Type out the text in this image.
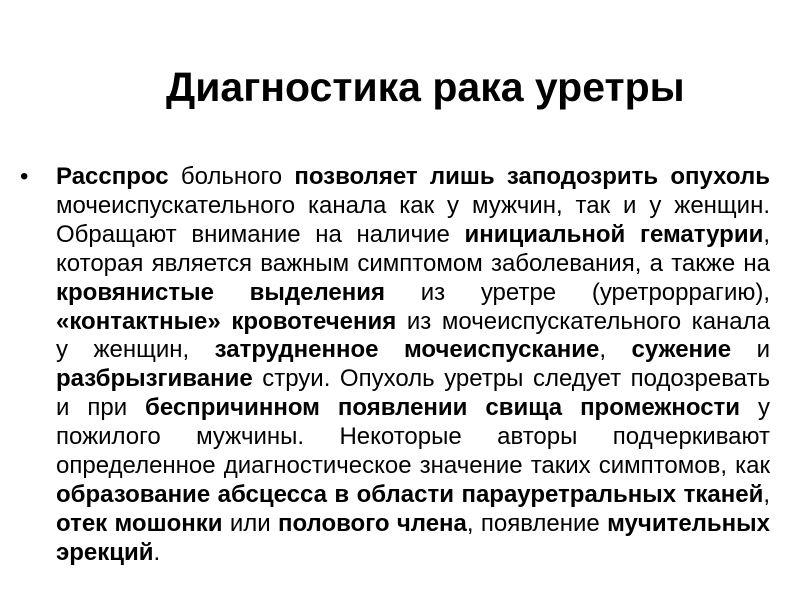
Диагностика рака уретры
• Расспрос больного позволяет лишь заподозрить опухоль мочеиспускательного канала как у мужчин, так и у женщин. Обращают внимание на наличие инициальной гематурии, которая является важным симптомом заболевания, а также на кровянистые выделения из уретре (уретроррагию), «контактные» кровотечения из мочеиспускательного канала у женщин, затрудненное мочеиспускание, сужение и разбрызгивание струи. Опухоль уретры следует подозревать и при беспричинном появлении свища промежности у пожилого мужчины. Некоторые авторы подчеркивают определенное диагностическое значение таких симптомов, как образование абсцесса в области парауретральных тканей, отек мошонки или полового члена, появление мучительных эрекций.
